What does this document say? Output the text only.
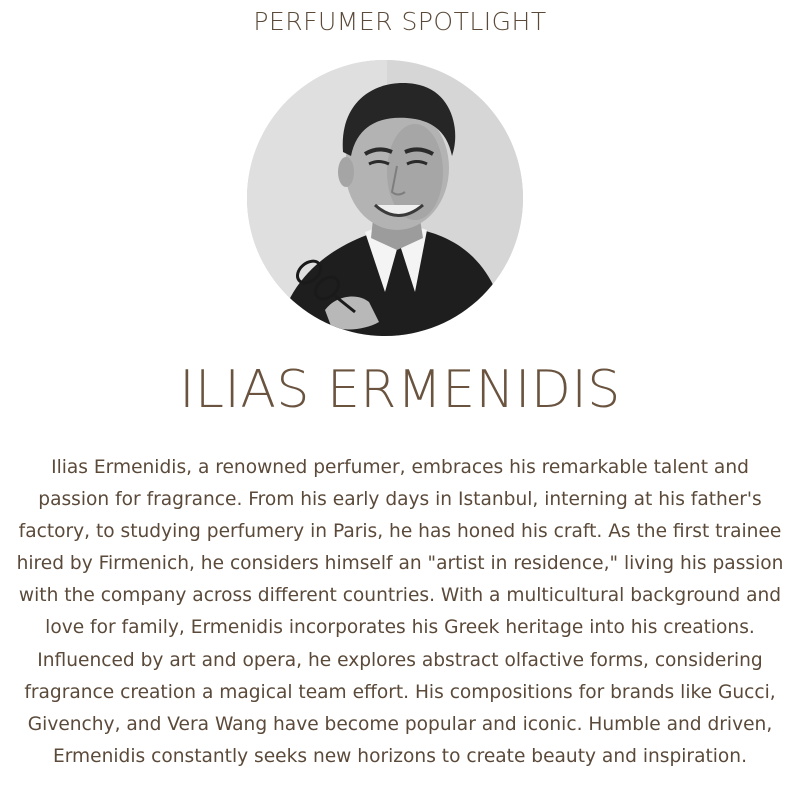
PERFUMER SPOTLIGHT
ILIAS ERMENIDIS

Ilias Ermenidis, a renowned perfumer, embraces his remarkable talent and passion for fragrance. From his early days in Istanbul, interning at his father's factory, to studying perfumery in Paris, he has honed his craft. As the first trainee hired by Firmenich, he considers himself an "artist in residence," living his passion with the company across different countries. With a multicultural background and love for family, Ermenidis incorporates his Greek heritage into his creations. Influenced by art and opera, he explores abstract olfactive forms, considering fragrance creation a magical team effort. His compositions for brands like Gucci, Givenchy, and Vera Wang have become popular and iconic. Humble and driven, Ermenidis constantly seeks new horizons to create beauty and inspiration.
